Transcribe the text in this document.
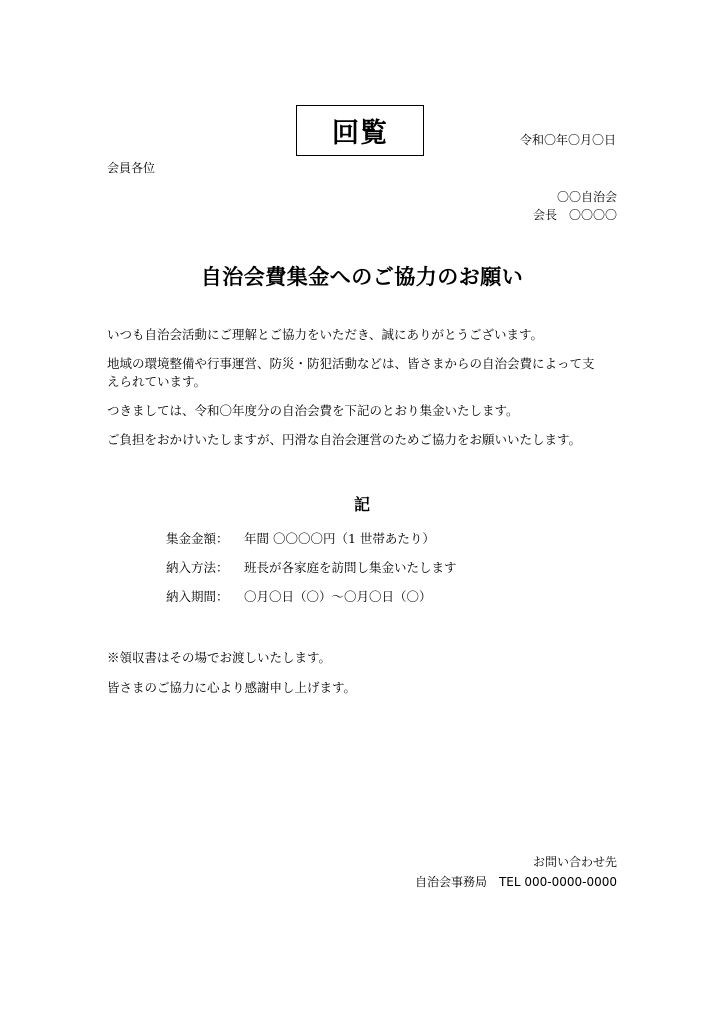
回覧	令和〇年〇月〇日
会員各位
〇〇自治会
会長　〇〇〇〇
自治会費集金へのご協力のお願い
いつも自治会活動にご理解とご協力をいただき、誠にありがとうございます。
地域の環境整備や行事運営、防災・防犯活動などは、皆さまからの自治会費によって支
えられています。
つきましては、令和〇年度分の自治会費を下記のとおり集金いたします。
ご負担をおかけいたしますが、円滑な自治会運営のためご協力をお願いいたします。
記
集金金額： 年間 〇〇〇〇円（1 世帯あたり）
納入方法： 班長が各家庭を訪問し集金いたします
納入期間： 〇月〇日（〇）～〇月〇日（〇）
※領収書はその場でお渡しいたします。
皆さまのご協力に心より感謝申し上げます。
お問い合わせ先
自治会事務局　TEL 000-0000-0000
